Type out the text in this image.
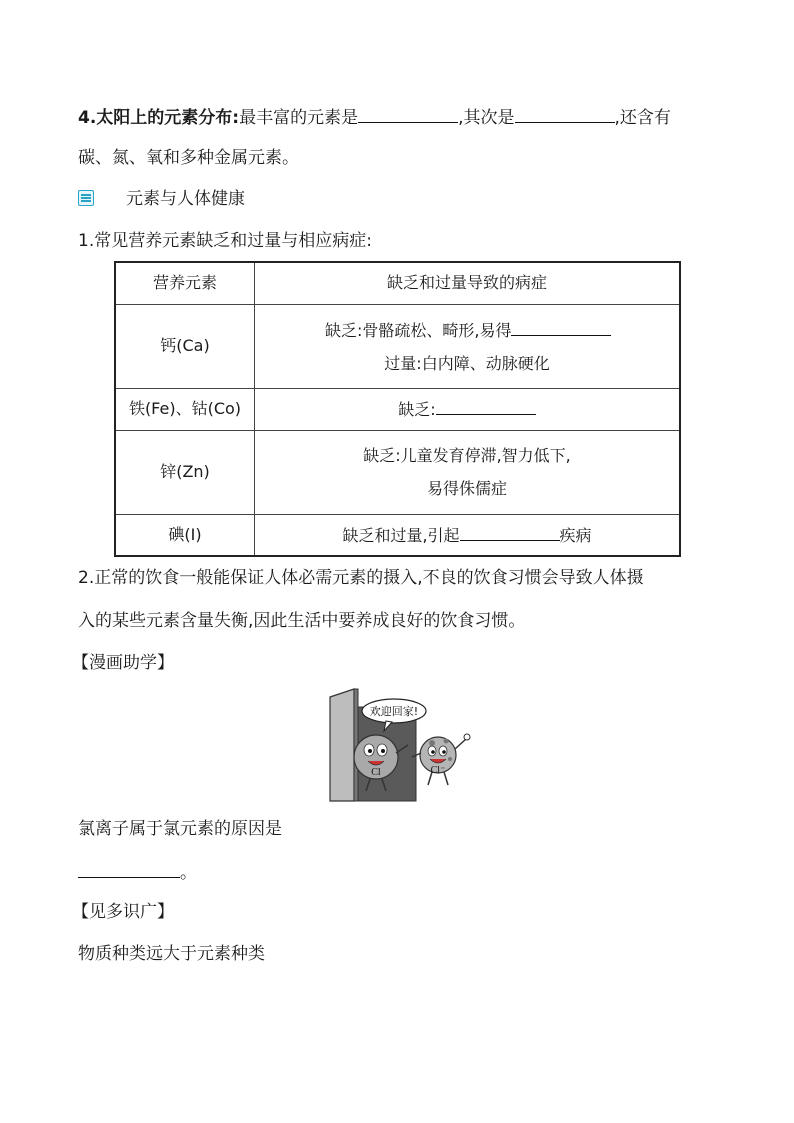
4.太阳上的元素分布:最丰富的元素是	,其次是	,还含有
碳、氮、氧和多种金属元素。
元素与人体健康
1.常见营养元素缺乏和过量与相应病症:
营养元素	缺乏和过量导致的病症
钙(Ca)	缺乏:骨骼疏松、畸形,易得
过量:白内障、动脉硬化

铁(Fe)、钴(Co)	缺乏:
锌(Zn)	缺乏:儿童发育停滞,智力低下,
易得侏儒症

碘(I)	缺乏和过量,引起 疾病
2.正常的饮食一般能保证人体必需元素的摄入,不良的饮食习惯会导致人体摄
入的某些元素含量失衡,因此生活中要养成良好的饮食习惯。
【漫画助学】
欢迎回家!
Cl	Cl⁻
氯离子属于氯元素的原因是
。
【见多识广】
物质种类远大于元素种类
